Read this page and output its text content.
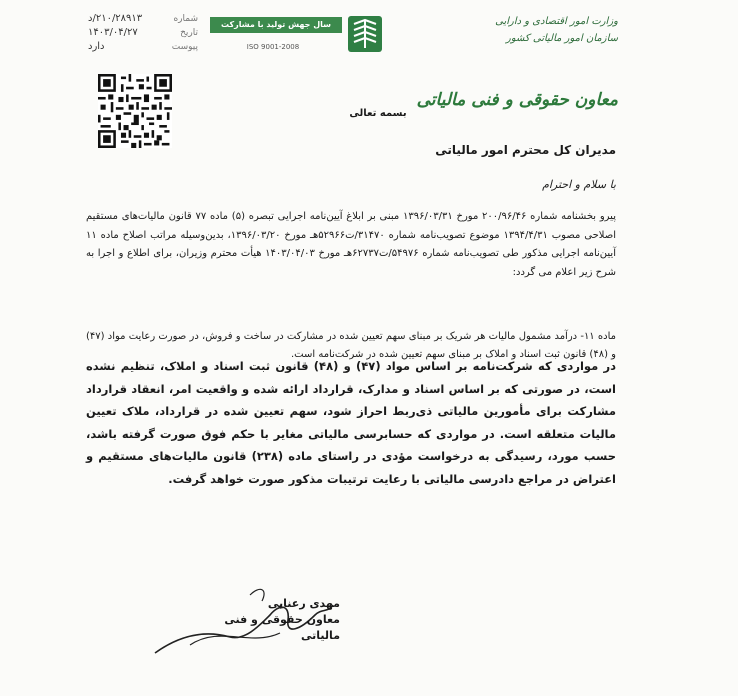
شماره
۲۱۰/۲۸۹۱۳/د
تاریخ
۱۴۰۳/۰۴/۲۷
پیوست
دارد
سال جهش تولید با مشارکت مردم
ISO 9001-2008
وزارت امور اقتصادی و دارایی
سازمان امور مالیاتی کشور
معاون حقوقی و فنی مالیاتی
بسمه تعالی
مدیران کل محترم امور مالیاتی
با سلام و احترام
پیرو بخشنامه شماره ۲۰۰/۹۶/۴۶ مورخ ۱۳۹۶/۰۳/۳۱ مبنی بر ابلاغ آیین‌نامه اجرایی تبصره (۵) ماده ۷۷ قانون مالیات‌های مستقیم اصلاحی مصوب ۱۳۹۴/۴/۳۱ موضوع تصویب‌نامه شماره ۳۱۴۷۰/ت۵۲۹۶۶هـ مورخ ۱۳۹۶/۰۳/۲۰، بدین‌وسیله مراتب اصلاح ماده ۱۱ آیین‌نامه اجرایی مذکور طی تصویب‌نامه شماره ۵۴۹۷۶/ت۶۲۷۳۷هـ مورخ ۱۴۰۳/۰۴/۰۳ هیأت محترم وزیران، برای اطلاع و اجرا به شرح زیر اعلام می گردد:
ماده ۱۱- درآمد مشمول مالیات هر شریک بر مبنای سهم تعیین شده در مشارکت در ساخت و فروش، در صورت رعایت مواد (۴۷) و (۴۸) قانون ثبت اسناد و املاک بر مبنای سهم تعیین شده در شرکت‌نامه است.
در مواردی که شرکت‌نامه بر اساس مواد (۴۷) و (۴۸) قانون ثبت اسناد و املاک، تنظیم نشده است، در صورتی که بر اساس اسناد و مدارک، قرارداد ارائه شده و واقعیت امر، انعقاد قرارداد مشارکت برای مأمورین مالیاتی ذی‌ربط احراز شود، سهم تعیین شده در قرارداد، ملاک تعیین مالیات متعلقه است. در مواردی که حسابرسی مالیاتی مغایر با حکم فوق صورت گرفته باشد، حسب مورد، رسیدگی به درخواست مؤدی در راستای ماده (۲۳۸) قانون مالیات‌های مستقیم و اعتراض در مراجع دادرسی مالیاتی با رعایت ترتیبات مذکور صورت خواهد گرفت.
مهدی رعنایی
معاون حقوقی و فنی مالیاتی
